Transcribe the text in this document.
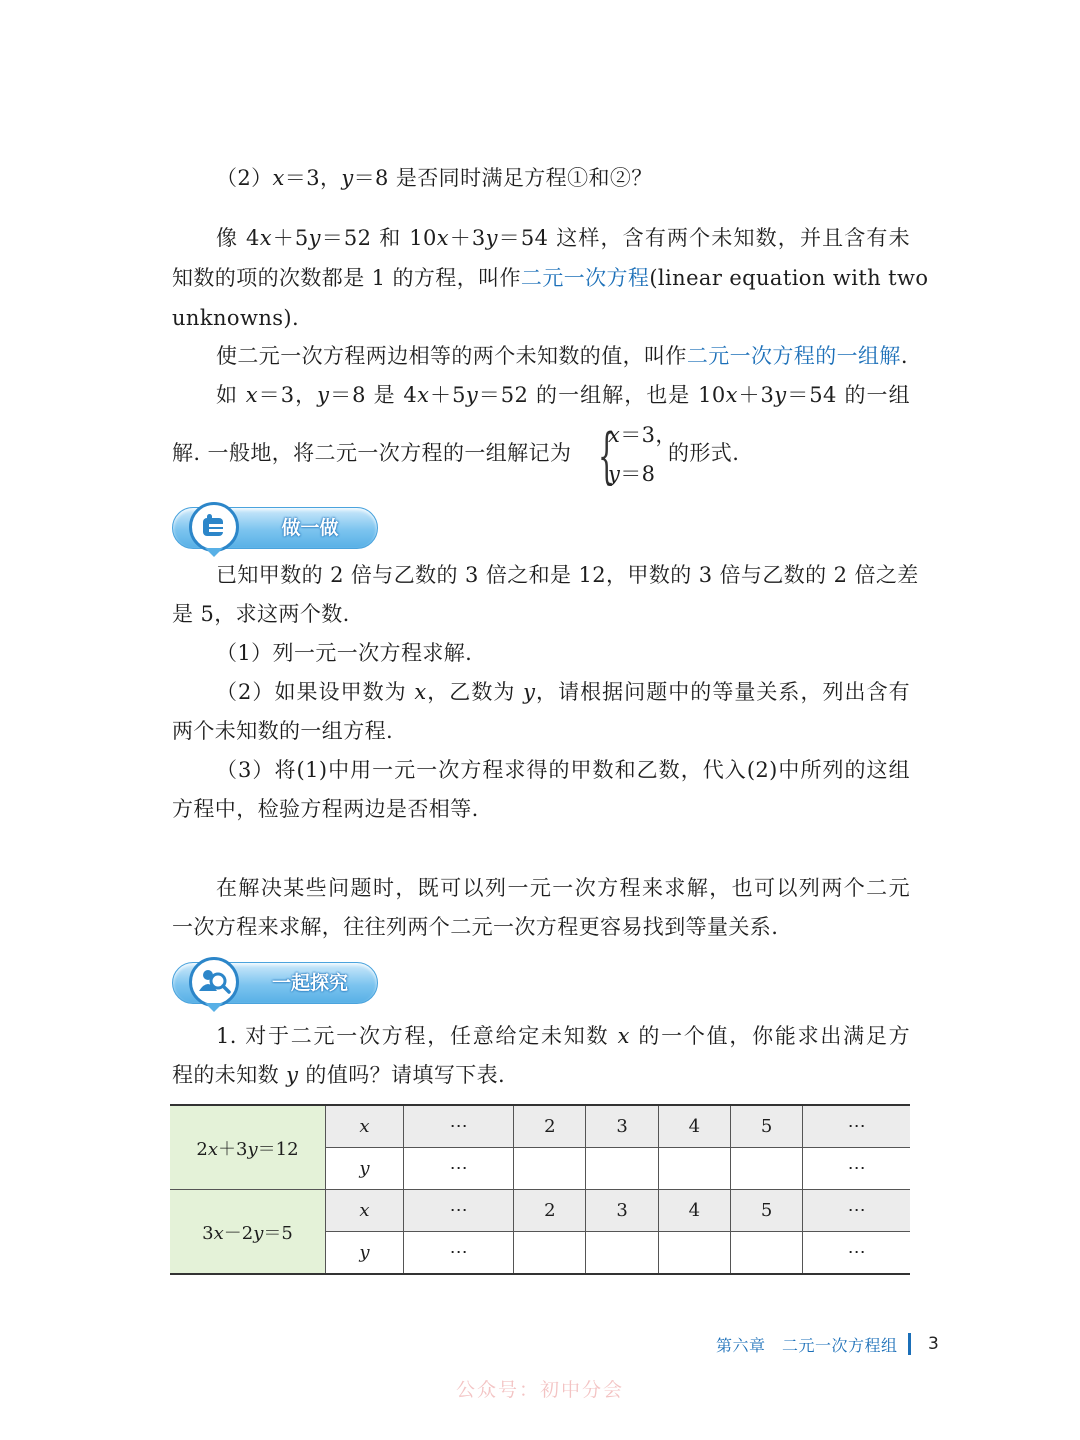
（2）𝑥＝3，𝑦＝8 是否同时满足方程①和②？
像 4𝑥＋5𝑦＝52 和 10𝑥＋3𝑦＝54 这样，含有两个未知数，并且含有未
知数的项的次数都是 1 的方程，叫作二元一次方程(linear equation with two
unknowns).
使二元一次方程两边相等的两个未知数的值，叫作二元一次方程的一组解.
如 𝑥＝3，𝑦＝8 是 4𝑥＋5𝑦＝52 的一组解，也是 10𝑥＋3𝑦＝54 的一组
解. 一般地，将二元一次方程的一组解记为 {
𝑥＝3，
𝑦＝8
的形式.
做一做
已知甲数的 2 倍与乙数的 3 倍之和是 12，甲数的 3 倍与乙数的 2 倍之差
是 5，求这两个数.
（1）列一元一次方程求解.
（2）如果设甲数为 𝑥，乙数为 𝑦，请根据问题中的等量关系，列出含有
两个未知数的一组方程.
（3）将(1)中用一元一次方程求得的甲数和乙数，代入(2)中所列的这组
方程中，检验方程两边是否相等.
在解决某些问题时，既可以列一元一次方程来求解，也可以列两个二元
一次方程来求解，往往列两个二元一次方程更容易找到等量关系.
一起探究
1. 对于二元一次方程，任意给定未知数 𝑥 的一个值，你能求出满足方
程的未知数 𝑦 的值吗？请填写下表.
2𝑥＋3𝑦＝12	𝑥	⋯	2	3	4	5	⋯
	𝑦	⋯					⋯
3𝑥－2𝑦＝5	𝑥	⋯	2	3	4	5	⋯
	𝑦	⋯					⋯
第六章　二元一次方程组 3
公众号：初中分会
